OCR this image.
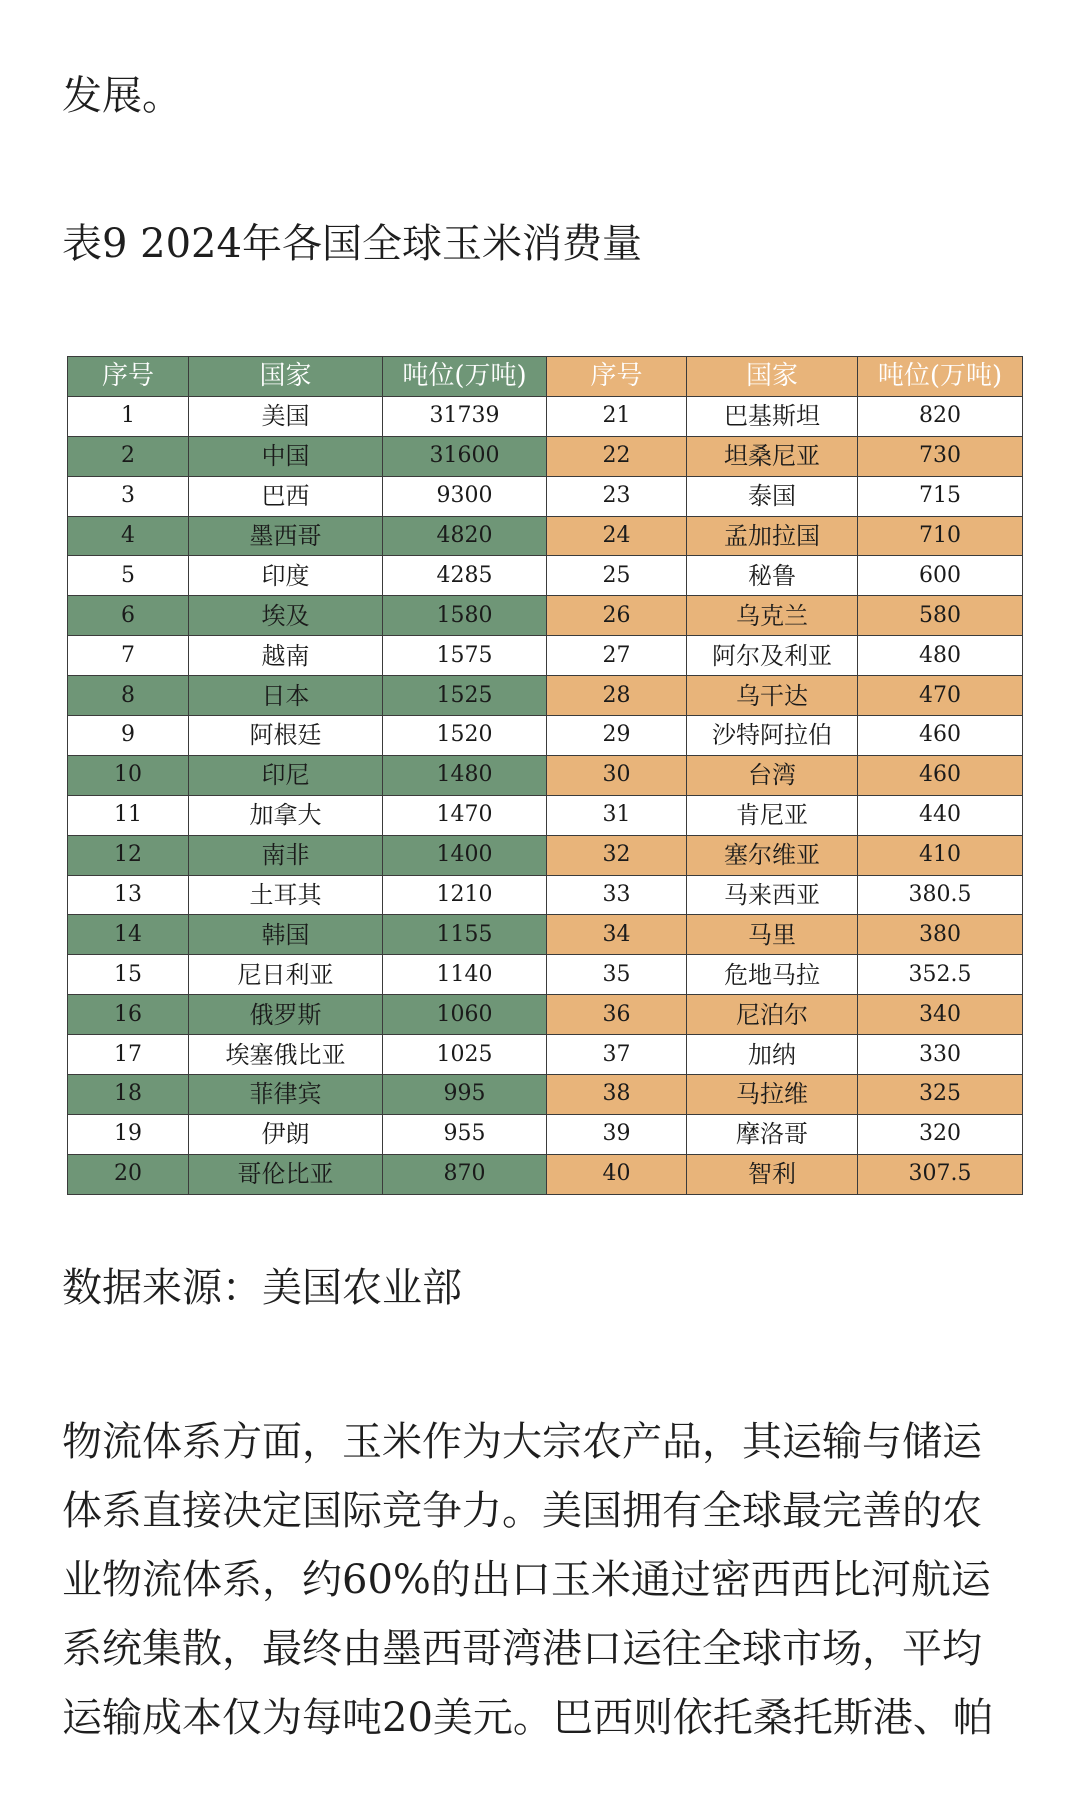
发展。
表9 2024年各国全球玉米消费量
序号	国家	吨位(万吨)	序号	国家	吨位(万吨)
1	美国	31739	21	巴基斯坦	820
2	中国	31600	22	坦桑尼亚	730
3	巴西	9300	23	泰国	715
4	墨西哥	4820	24	孟加拉国	710
5	印度	4285	25	秘鲁	600
6	埃及	1580	26	乌克兰	580
7	越南	1575	27	阿尔及利亚	480
8	日本	1525	28	乌干达	470
9	阿根廷	1520	29	沙特阿拉伯	460
10	印尼	1480	30	台湾	460
11	加拿大	1470	31	肯尼亚	440
12	南非	1400	32	塞尔维亚	410
13	土耳其	1210	33	马来西亚	380.5
14	韩国	1155	34	马里	380
15	尼日利亚	1140	35	危地马拉	352.5
16	俄罗斯	1060	36	尼泊尔	340
17	埃塞俄比亚	1025	37	加纳	330
18	菲律宾	995	38	马拉维	325
19	伊朗	955	39	摩洛哥	320
20	哥伦比亚	870	40	智利	307.5
数据来源：美国农业部
物流体系方面，玉米作为大宗农产品，其运输与储运
体系直接决定国际竞争力。美国拥有全球最完善的农
业物流体系，约60%的出口玉米通过密西西比河航运
系统集散，最终由墨西哥湾港口运往全球市场，平均
运输成本仅为每吨20美元。巴西则依托桑托斯港、帕
